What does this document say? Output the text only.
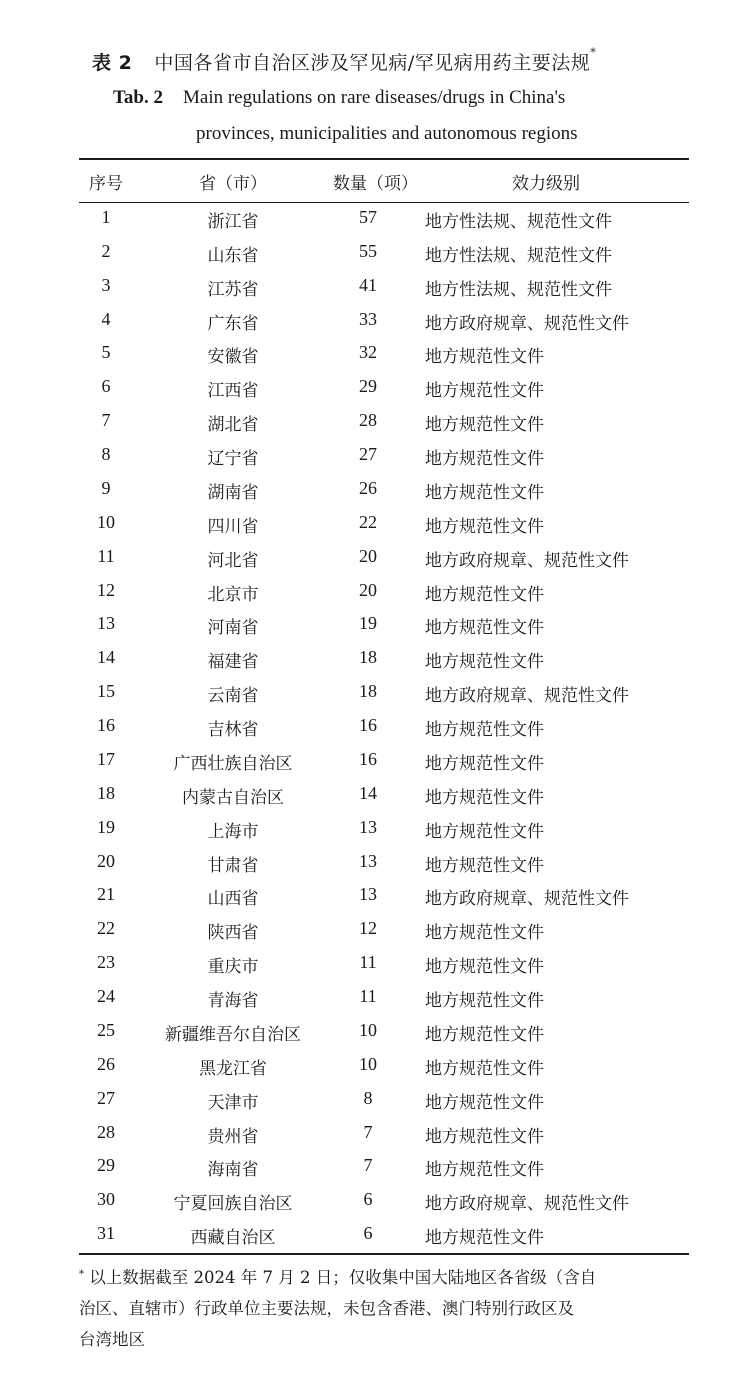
表 2 中国各省市自治区涉及罕见病/罕见病用药主要法规*
Tab. 2 Main regulations on rare diseases/drugs in China's
provinces, municipalities and autonomous regions
序号	省（市）	数量（项）	效力级别
1	浙江省	57	地方性法规、规范性文件
2	山东省	55	地方性法规、规范性文件
3	江苏省	41	地方性法规、规范性文件
4	广东省	33	地方政府规章、规范性文件
5	安徽省	32	地方规范性文件
6	江西省	29	地方规范性文件
7	湖北省	28	地方规范性文件
8	辽宁省	27	地方规范性文件
9	湖南省	26	地方规范性文件
10	四川省	22	地方规范性文件
11	河北省	20	地方政府规章、规范性文件
12	北京市	20	地方规范性文件
13	河南省	19	地方规范性文件
14	福建省	18	地方规范性文件
15	云南省	18	地方政府规章、规范性文件
16	吉林省	16	地方规范性文件
17	广西壮族自治区	16	地方规范性文件
18	内蒙古自治区	14	地方规范性文件
19	上海市	13	地方规范性文件
20	甘肃省	13	地方规范性文件
21	山西省	13	地方政府规章、规范性文件
22	陕西省	12	地方规范性文件
23	重庆市	11	地方规范性文件
24	青海省	11	地方规范性文件
25	新疆维吾尔自治区	10	地方规范性文件
26	黑龙江省	10	地方规范性文件
27	天津市	8	地方规范性文件
28	贵州省	7	地方规范性文件
29	海南省	7	地方规范性文件
30	宁夏回族自治区	6	地方政府规章、规范性文件
31	西藏自治区	6	地方规范性文件

* 以上数据截至 2024 年 7 月 2 日；仅收集中国大陆地区各省级（含自

治区、直辖市）行政单位主要法规，未包含香港、澳门特别行政区及

台湾地区
